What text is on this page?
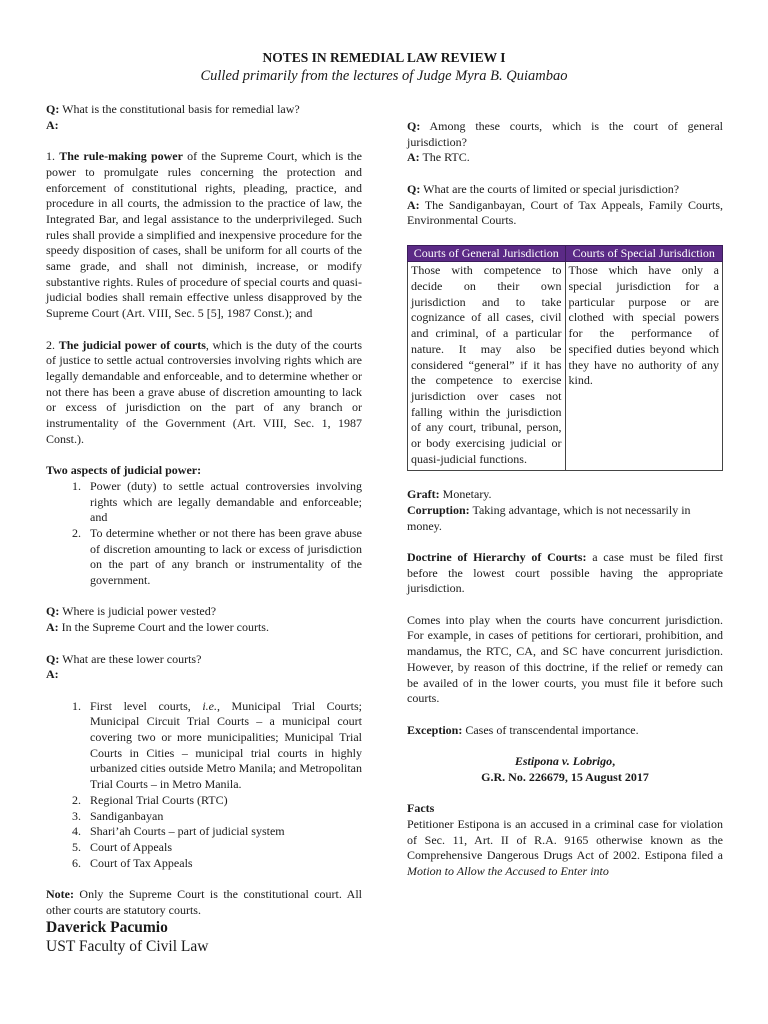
NOTES IN REMEDIAL LAW REVIEW I
Culled primarily from the lectures of Judge Myra B. Quiambao

Q: What is the constitutional basis for remedial law?

A:

1. The rule-making power of the Supreme Court, which is the power to promulgate rules concerning the protection and enforcement of constitutional rights, pleading, practice, and procedure in all courts, the admission to the practice of law, the Integrated Bar, and legal assistance to the underprivileged. Such rules shall provide a simplified and inexpensive procedure for the speedy disposition of cases, shall be uniform for all courts of the same grade, and shall not diminish, increase, or modify substantive rights. Rules of procedure of special courts and quasi- judicial bodies shall remain effective unless disapproved by the Supreme Court (Art. VIII, Sec. 5 [5], 1987 Const.); and

2. The judicial power of courts, which is the duty of the courts of justice to settle actual controversies involving rights which are legally demandable and enforceable, and to determine whether or not there has been a grave abuse of discretion amounting to lack or excess of jurisdiction on the part of any branch or instrumentality of the Government (Art. VIII, Sec. 1, 1987 Const.).

Two aspects of judicial power:

1. Power (duty) to settle actual controversies involving rights which are legally demandable and enforceable; and
2. To determine whether or not there has been grave abuse of discretion amounting to lack or excess of jurisdiction on the part of any branch or instrumentality of the government.

Q: Where is judicial power vested?

A: In the Supreme Court and the lower courts.

Q: What are these lower courts?

A:

1. First level courts, i.e., Municipal Trial Courts; Municipal Circuit Trial Courts – a municipal court covering two or more municipalities; Municipal Trial Courts in Cities – municipal trial courts in highly urbanized cities outside Metro Manila; and Metropolitan Trial Courts – in Metro Manila.
2. Regional Trial Courts (RTC)
3. Sandiganbayan
4. Shari’ah Courts – part of judicial system
5. Court of Appeals
6. Court of Tax Appeals

Note: Only the Supreme Court is the constitutional court. All other courts are statutory courts.

Daverick Pacumio
UST Faculty of Civil Law

Q: Among these courts, which is the court of general jurisdiction?

A: The RTC.

Q: What are the courts of limited or special jurisdiction?

A: The Sandiganbayan, Court of Tax Appeals, Family Courts, Environmental Courts.

Courts of General Jurisdiction	Courts of Special Jurisdiction
Those with competence to decide on their own jurisdiction and to take cognizance of all cases, civil and criminal, of a particular nature. It may also be considered “general” if it has the competence to exercise jurisdiction over cases not falling within the jurisdiction of any court, tribunal, person, or body exercising judicial or quasi-judicial functions.	Those which have only a special jurisdiction for a particular purpose or are clothed with special powers for the performance of specified duties beyond which they have no authority of any kind.

Graft: Monetary.

Corruption: Taking advantage, which is not necessarily in money.

Doctrine of Hierarchy of Courts: a case must be filed first before the lowest court possible having the appropriate jurisdiction.

Comes into play when the courts have concurrent jurisdiction. For example, in cases of petitions for certiorari, prohibition, and mandamus, the RTC, CA, and SC have concurrent jurisdiction. However, by reason of this doctrine, if the relief or remedy can be availed of in the lower courts, you must file it before such courts.

Exception: Cases of transcendental importance.

Estipona v. Lobrigo,

G.R. No. 226679, 15 August 2017

Facts

Petitioner Estipona is an accused in a criminal case for violation of Sec. 11, Art. II of R.A. 9165 otherwise known as the Comprehensive Dangerous Drugs Act of 2002. Estipona filed a Motion to Allow the Accused to Enter into
